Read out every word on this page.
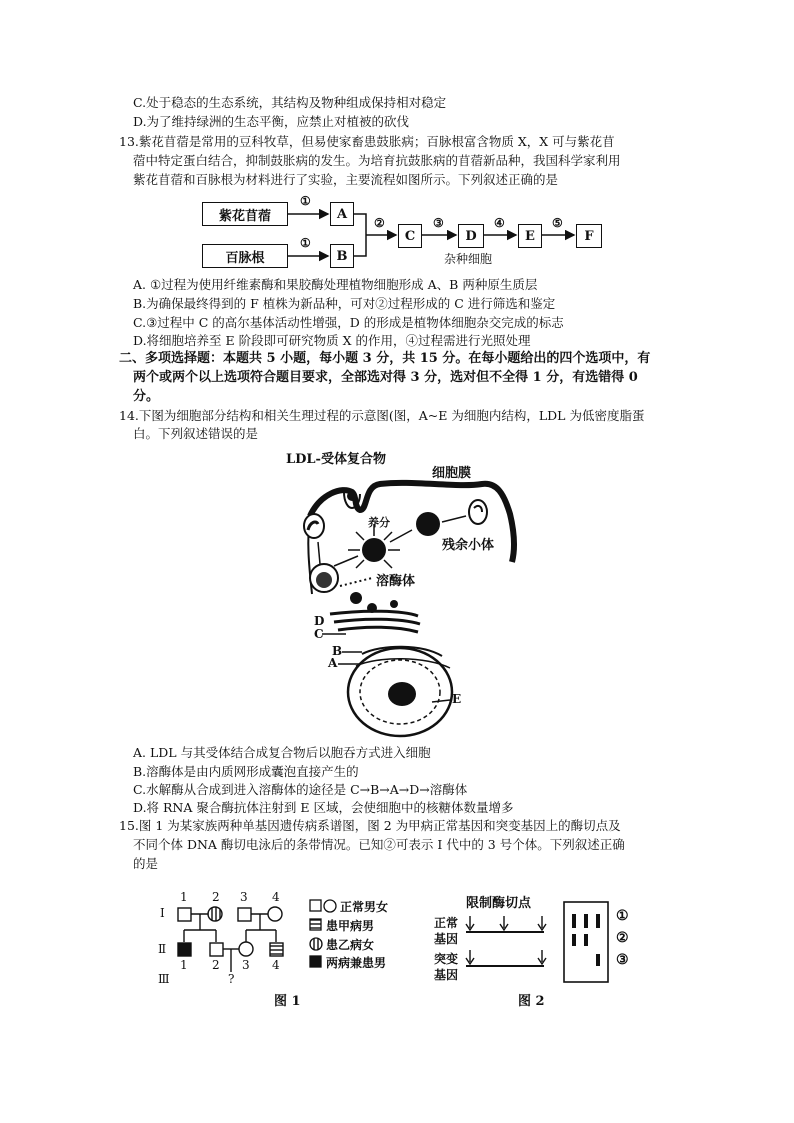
C.处于稳态的生态系统，其结构及物种组成保持相对稳定
D.为了维持绿洲的生态平衡，应禁止对植被的砍伐
13.紫花苜蓿是常用的豆科牧草，但易使家畜患鼓胀病；百脉根富含物质 X，X 可与紫花苜
蓿中特定蛋白结合，抑制鼓胀病的发生。为培育抗鼓胀病的苜蓿新品种，我国科学家利用
紫花苜蓿和百脉根为材料进行了实验，主要流程如图所示。下列叙述正确的是
紫花苜蓿
百脉根
A
B
C	D	E	F
①
①
②	③	④	⑤
杂种细胞
A. ①过程为使用纤维素酶和果胶酶处理植物细胞形成 A、B 两种原生质层
B.为确保最终得到的 F 植株为新品种，可对②过程形成的 C 进行筛选和鉴定
C.③过程中 C 的高尔基体活动性增强，D 的形成是植物体细胞杂交完成的标志
D.将细胞培养至 E 阶段即可研究物质 X 的作用，④过程需进行光照处理
二、多项选择题：本题共 5 小题，每小题 3 分，共 15 分。在每小题给出的四个选项中，有
两个或两个以上选项符合题目要求，全部选对得 3 分，选对但不全得 1 分，有选错得 0
分。
14.下图为细胞部分结构和相关生理过程的示意图(图，A~E 为细胞内结构，LDL 为低密度脂蛋
白。下列叙述错误的是
LDL-受体复合物
细胞膜
养分
残余小体
溶酶体
D
C
B
A
E
A. LDL 与其受体结合成复合物后以胞吞方式进入细胞
B.溶酶体是由内质网形成囊泡直接产生的
C.水解酶从合成到进入溶酶体的途径是 C→B→A→D→溶酶体
D.将 RNA 聚合酶抗体注射到 E 区域，会使细胞中的核糖体数量增多
15.图 1 为某家族两种单基因遗传病系谱图，图 2 为甲病正常基因和突变基因上的酶切点及
不同个体 DNA 酶切电泳后的条带情况。已知②可表示 I 代中的 3 号个体。下列叙述正确
的是
I
Ⅱ
Ⅲ
1 2 3 4
1 2 3 4
?
正常男女
患甲病男
患乙病女
两病兼患男
图 1
限制酶切点
正常
基因
突变
基因
①
②
③
图 2
